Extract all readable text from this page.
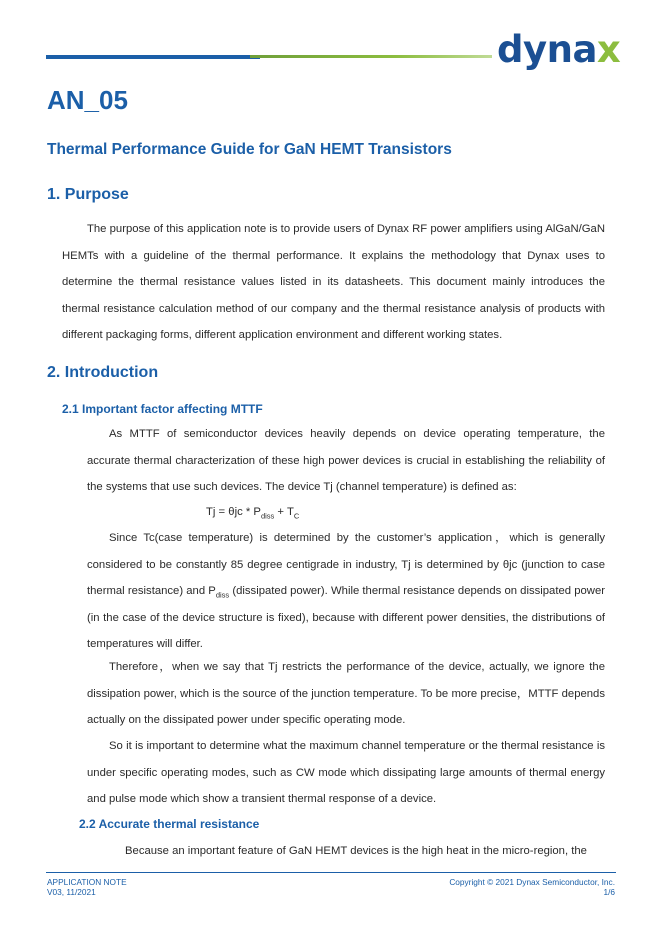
dynax
AN_05
Thermal Performance Guide for GaN HEMT Transistors
1. Purpose

The purpose of this application note is to provide users of Dynax RF power amplifiers using AlGaN/GaN HEMTs with a guideline of the thermal performance. It explains the methodology that Dynax uses to determine the thermal resistance values listed in its datasheets. This document mainly introduces the thermal resistance calculation method of our company and the thermal resistance analysis of products with different packaging forms, different application environment and different working states.

2. Introduction
2.1 Important factor affecting MTTF

As MTTF of semiconductor devices heavily depends on device operating temperature, the accurate thermal characterization of these high power devices is crucial in establishing the reliability of the systems that use such devices. The device Tj (channel temperature) is defined as:

$Tj = \theta jc * P_{diss} + T_C$

Since Tc(case temperature) is determined by the customer’s application，which is generally considered to be constantly 85 degree centigrade in industry, Tj is determined by θjc (junction to case thermal resistance) and $P_{diss}$ (dissipated power). While thermal resistance depends on dissipated power (in the case of the device structure is fixed), because with different power densities, the distributions of temperatures will differ.

Therefore，when we say that Tj restricts the performance of the device, actually, we ignore the dissipation power, which is the source of the junction temperature. To be more precise，MTTF depends actually on the dissipated power under specific operating mode.

So it is important to determine what the maximum channel temperature or the thermal resistance is under specific operating modes, such as CW mode which dissipating large amounts of thermal energy and pulse mode which show a transient thermal response of a device.

2.2 Accurate thermal resistance

Because an important feature of GaN HEMT devices is the high heat in the micro-region, the

APPLICATION NOTE
V03, 11/2021
Copyright © 2021 Dynax Semiconductor, Inc.
1/6
